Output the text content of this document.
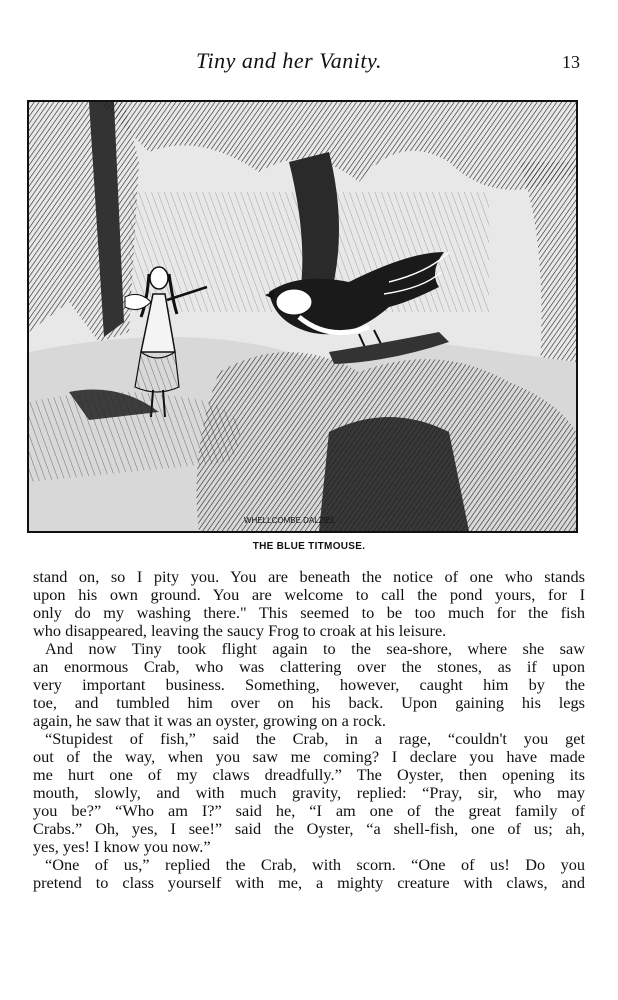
Tiny and her Vanity.	13
WHELLCOMBE DALZIEL
THE BLUE TITMOUSE.
stand on, so I pity you. You are beneath the notice of one who stands
upon his own ground. You are welcome to call the pond yours, for I
only do my washing there." This seemed to be too much for the fish
who disappeared, leaving the saucy Frog to croak at his leisure.
And now Tiny took flight again to the sea-shore, where she saw
an enormous Crab, who was clattering over the stones, as if upon
very important business. Something, however, caught him by the
toe, and tumbled him over on his back. Upon gaining his legs
again, he saw that it was an oyster, growing on a rock.
“Stupidest of fish,” said the Crab, in a rage, “couldn't you get
out of the way, when you saw me coming? I declare you have made
me hurt one of my claws dreadfully.” The Oyster, then opening its
mouth, slowly, and with much gravity, replied: “Pray, sir, who may
you be?” “Who am I?” said he, “I am one of the great family of
Crabs.” Oh, yes, I see!” said the Oyster, “a shell-fish, one of us; ah,
yes, yes! I know you now.”
“One of us,” replied the Crab, with scorn. “One of us! Do you
pretend to class yourself with me, a mighty creature with claws, and
